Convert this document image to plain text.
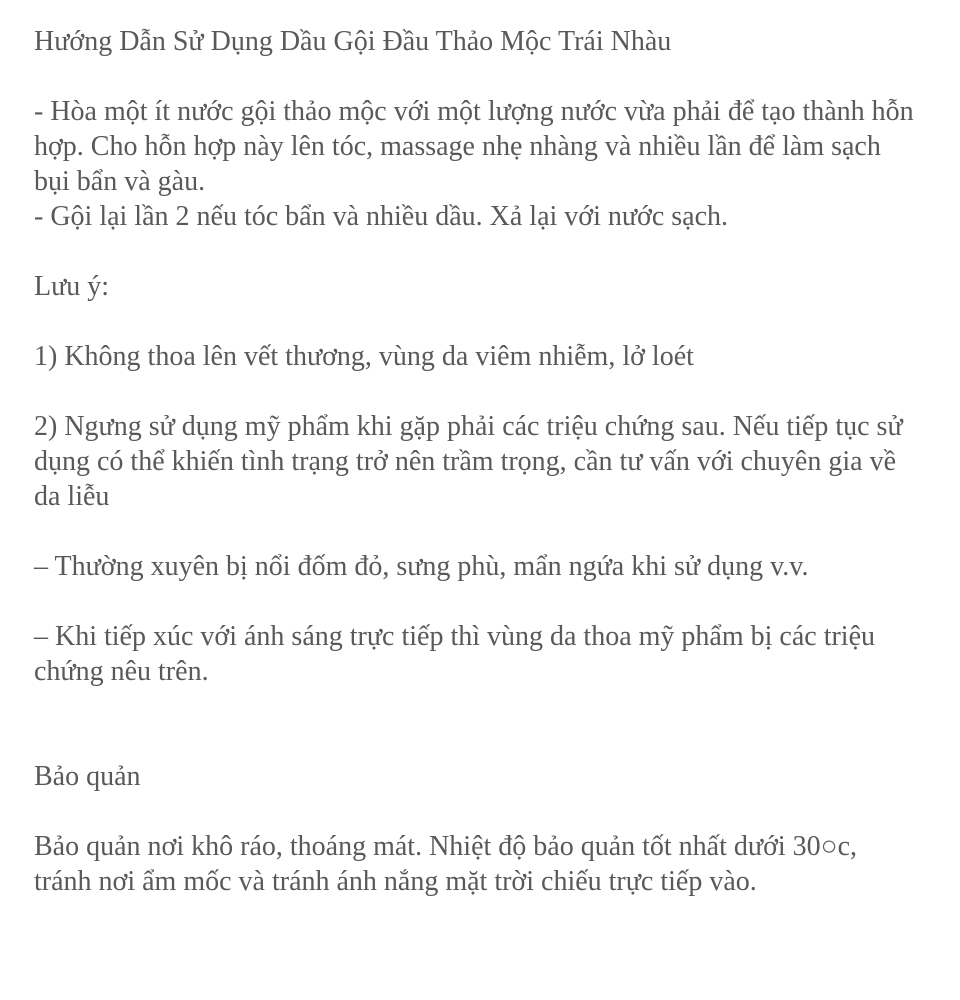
Hướng Dẫn Sử Dụng Dầu Gội Đầu Thảo Mộc Trái Nhàu

- Hòa một ít nước gội thảo mộc với một lượng nước vừa phải để tạo thành hỗn hợp. Cho hỗn hợp này lên tóc, massage nhẹ nhàng và nhiều lần để làm sạch bụi bẩn và gàu.

- Gội lại lần 2 nếu tóc bẩn và nhiều dầu. Xả lại với nước sạch.

Lưu ý:

1) Không thoa lên vết thương, vùng da viêm nhiễm, lở loét

2) Ngưng sử dụng mỹ phẩm khi gặp phải các triệu chứng sau. Nếu tiếp tục sử dụng có thể khiến tình trạng trở nên trầm trọng, cần tư vấn với chuyên gia về da liễu

– Thường xuyên bị nổi đốm đỏ, sưng phù, mẩn ngứa khi sử dụng v.v.

– Khi tiếp xúc với ánh sáng trực tiếp thì vùng da thoa mỹ phẩm bị các triệu chứng nêu trên.

Bảo quản

Bảo quản nơi khô ráo, thoáng mát. Nhiệt độ bảo quản tốt nhất dưới 30○c, tránh nơi ẩm mốc và tránh ánh nắng mặt trời chiếu trực tiếp vào.
